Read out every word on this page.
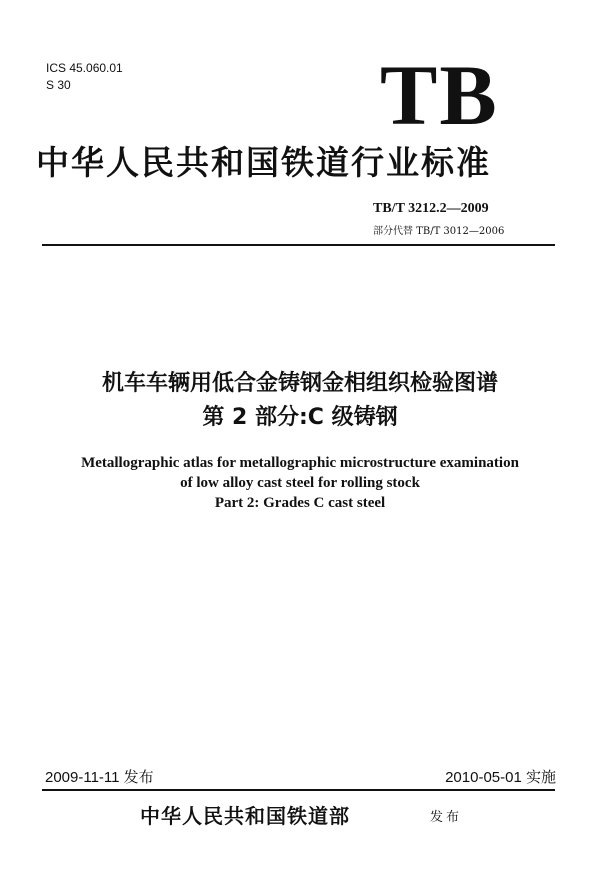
ICS 45.060.01
S 30	TB
中华人民共和国铁道行业标准
TB/T 3212.2—2009
部分代替 TB/T 3012—2006
机车车辆用低合金铸钢金相组织检验图谱
第 2 部分:C 级铸钢
Metallographic atlas for metallographic microstructure examination
of low alloy cast steel for rolling stock
Part 2: Grades C cast steel
2009-11-11 发布	2010-05-01 实施
中华人民共和国铁道部	发布
